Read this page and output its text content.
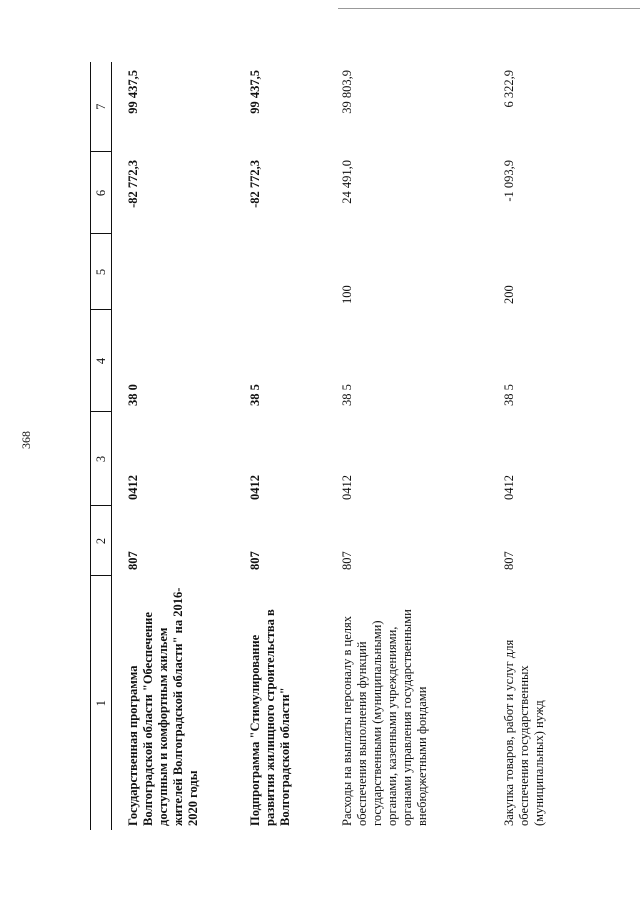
368
1	2	3	4	5	6	7
Государственная программа Волгоградской области "Обеспечение доступным и комфортным жильем жителей Волгоградской области" на 2016-2020 годы	807	0412	38 0		-82 772,3	99 437,5
Подпрограмма "Стимулирование развития жилищного строительства в Волгоградской области"	807	0412	38 5		-82 772,3	99 437,5
Расходы на выплаты персоналу в целях обеспечения выполнения функций государственными (муниципальными) органами, казенными учреждениями, органами управления государственными внебюджетными фондами	807	0412	38 5	100	24 491,0	39 803,9
Закупка товаров, работ и услуг для обеспечения государственных (муниципальных) нужд	807	0412	38 5	200	-1 093,9	6 322,9
